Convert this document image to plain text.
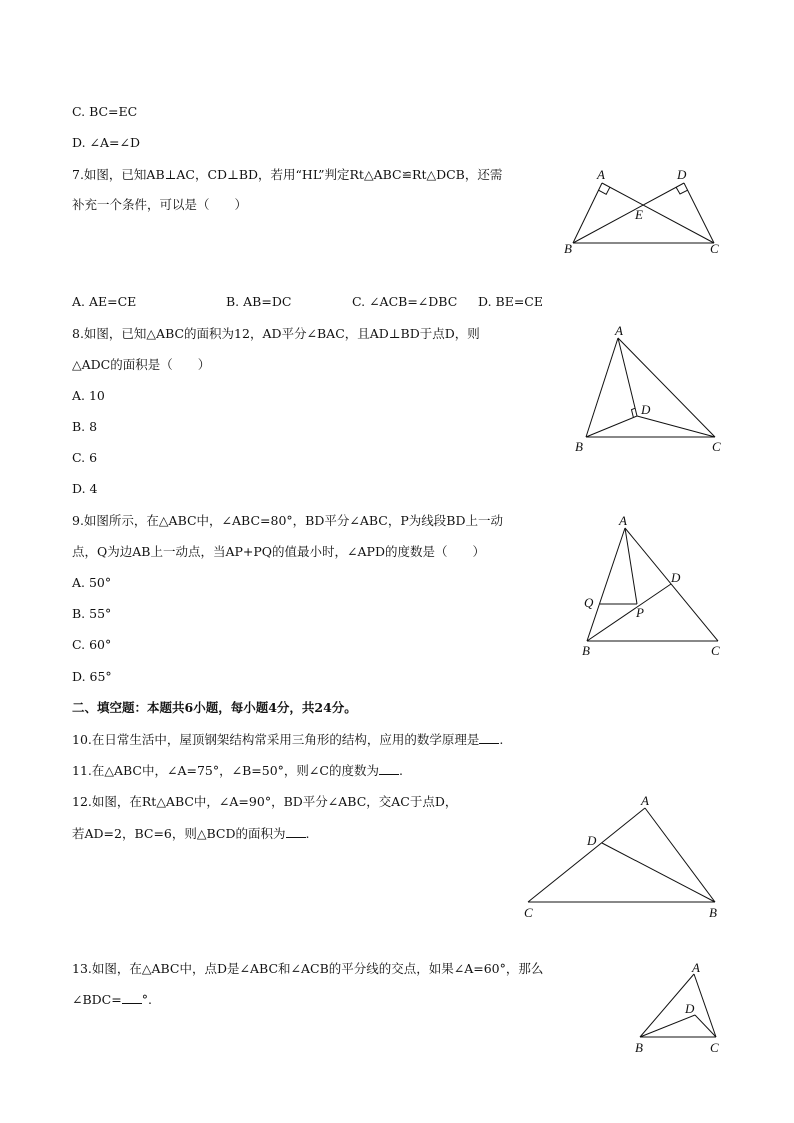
C. BC=EC
D. ∠A=∠D
7.如图，已知AB⊥AC，CD⊥BD，若用“HL”判定Rt△ABC≌Rt△DCB，还需
补充一个条件，可以是（　　）
A. AE=CE	B. AB=DC	C. ∠ACB=∠DBC D. BE=CE
A	D
E
B	C
8.如图，已知△ABC的面积为12，AD平分∠BAC，且AD⊥BD于点D，则
△ADC的面积是（　　）
A. 10
B. 8
C. 6
D. 4
A
D
B	C
9.如图所示，在△ABC中，∠ABC=80°，BD平分∠ABC，P为线段BD上一动
点，Q为边AB上一动点，当AP+PQ的值最小时，∠APD的度数是（　　）
A. 50°
B. 55°
C. 60°
D. 65°
A
D
Q
P
B	C
二、填空题：本题共6小题，每小题4分，共24分。
10.在日常生活中，屋顶钢架结构常采用三角形的结构，应用的数学原理是 .
11.在△ABC中，∠A=75°，∠B=50°，则∠C的度数为 .
12.如图，在Rt△ABC中，∠A=90°，BD平分∠ABC，交AC于点D，
若AD=2，BC=6，则△BCD的面积为 .
A
D
C	B
13.如图，在△ABC中，点D是∠ABC和∠ACB的平分线的交点，如果∠A=60°，那么
∠BDC= °.
A
D
B	C
